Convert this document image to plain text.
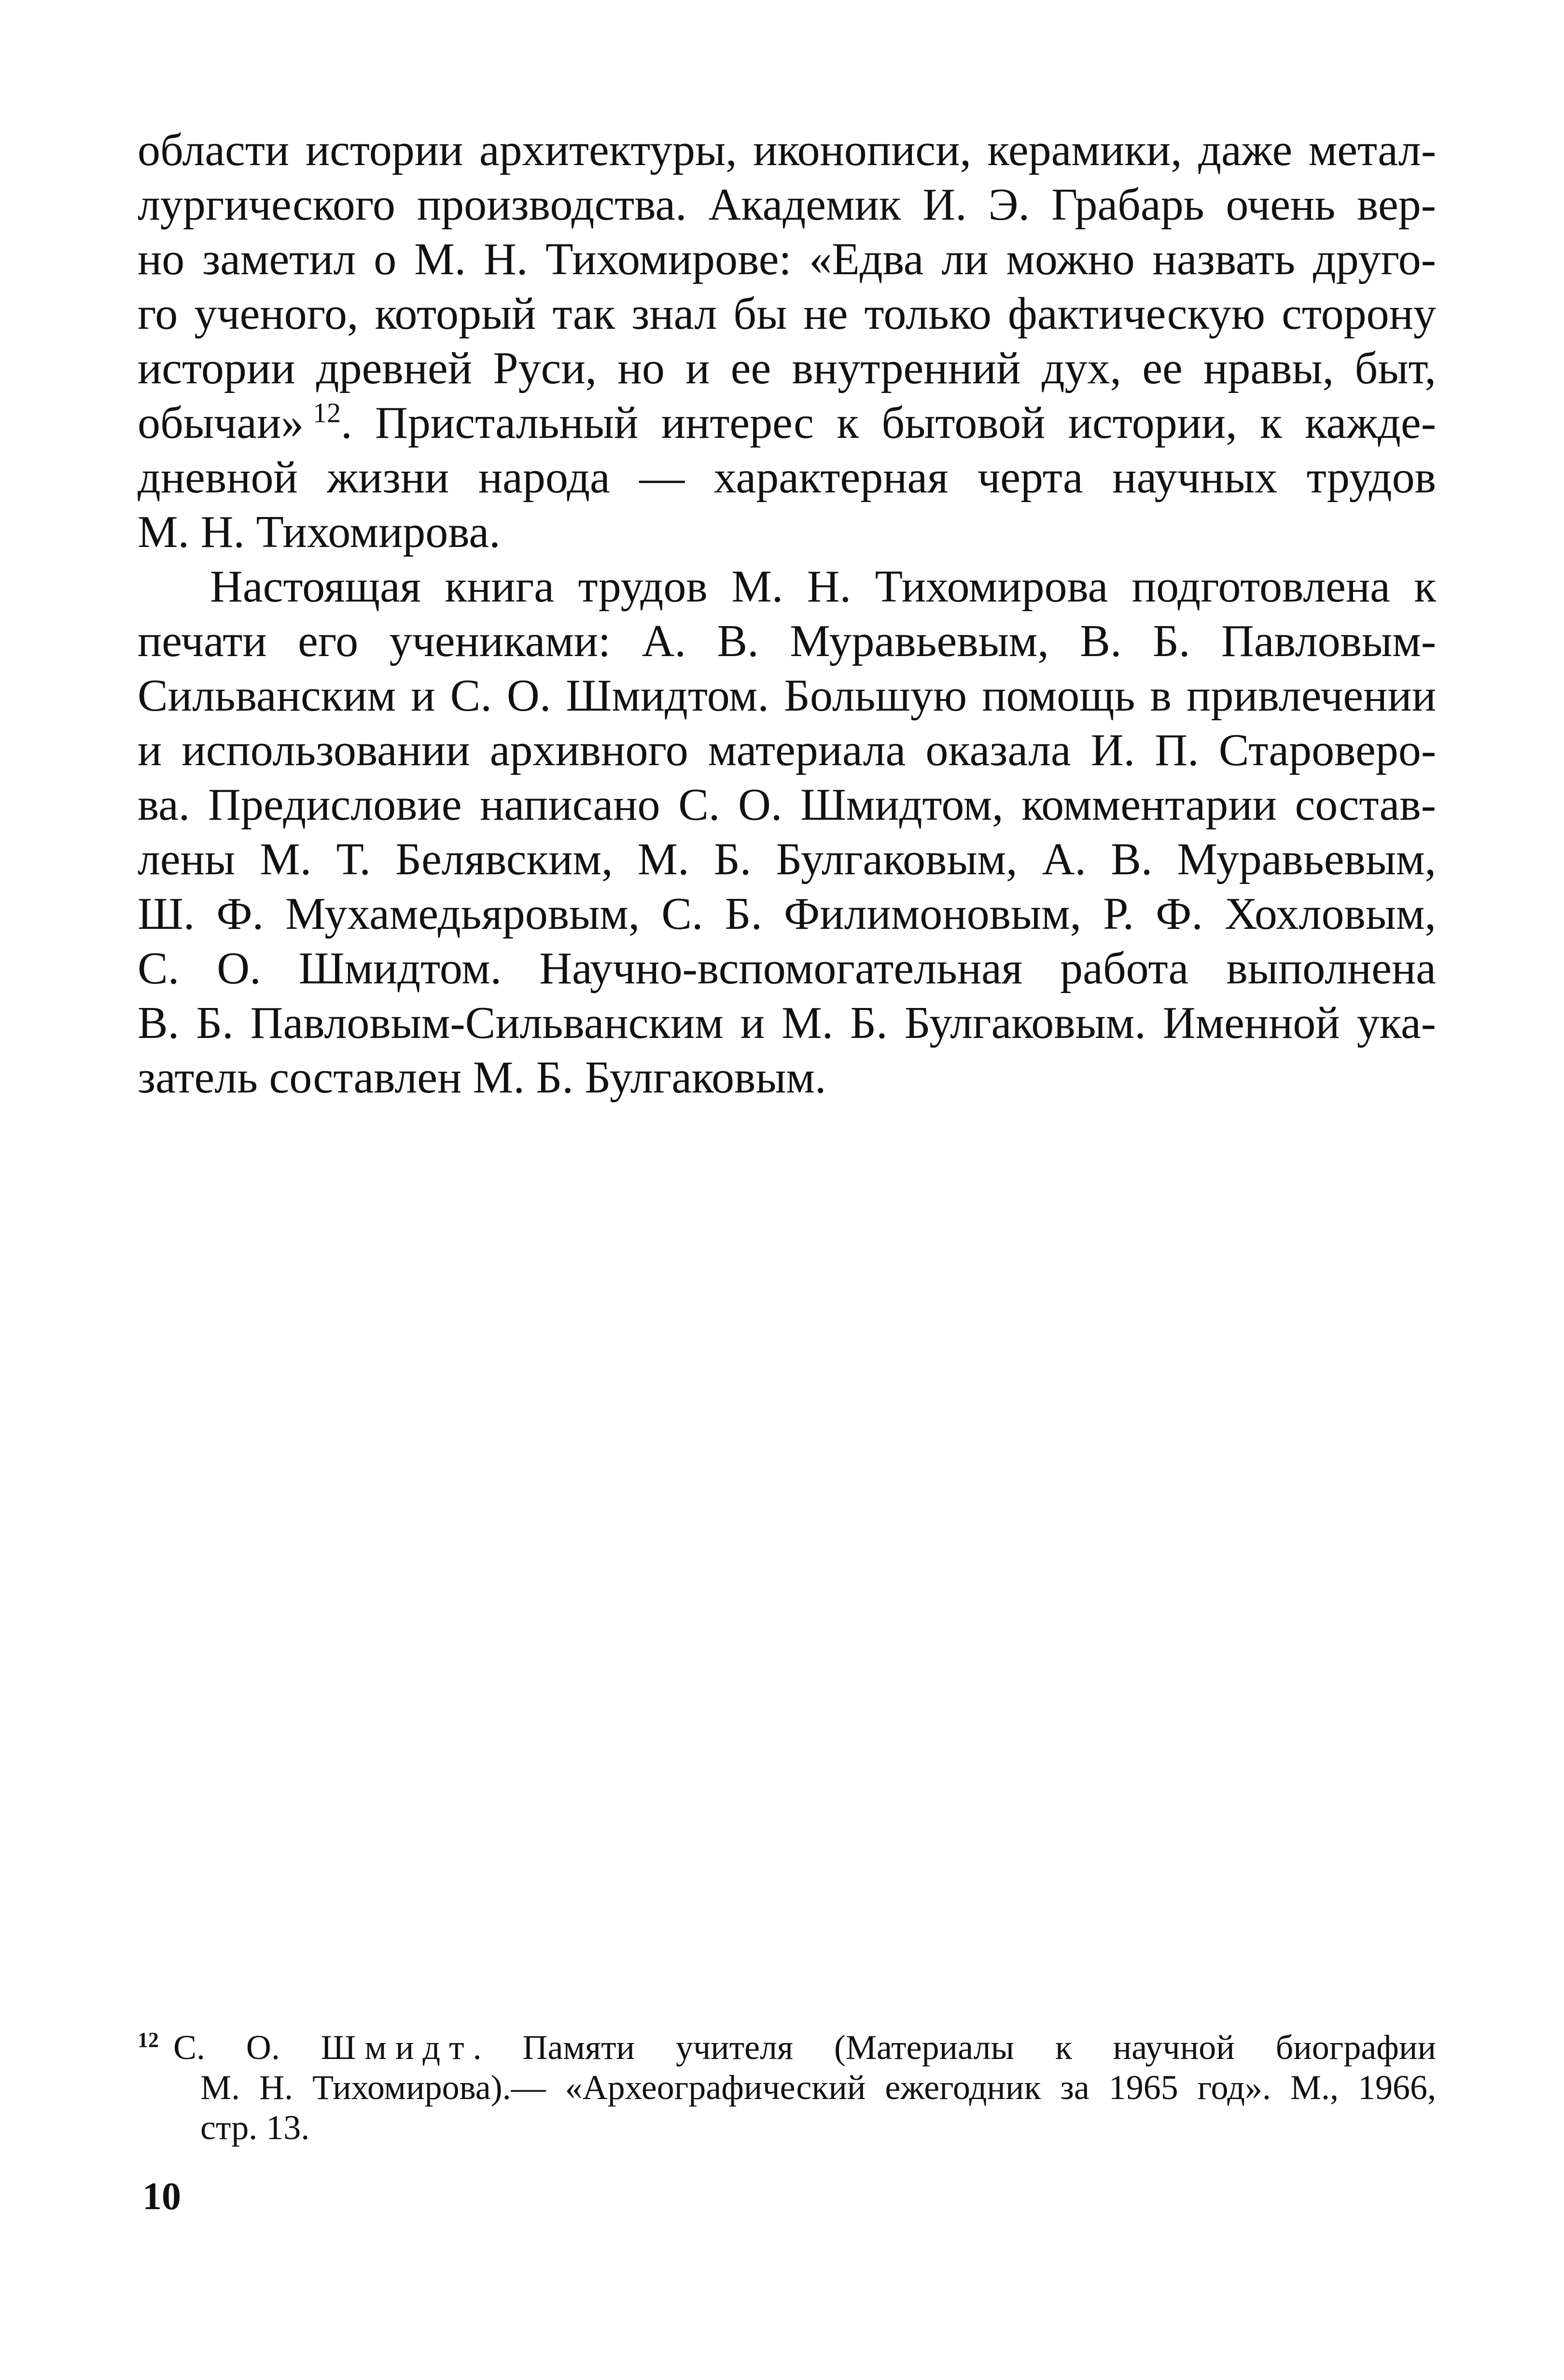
области истории архитектуры, иконописи, керамики, даже метал-
лургического производства. Академик И. Э. Грабарь очень вер-
но заметил о М. Н. Тихомирове: «Едва ли можно назвать друго-
го ученого, который так знал бы не только фактическую сторону
истории древней Руси, но и ее внутренний дух, ее нравы, быт,
обычаи»  $^{12}$. Пристальный интерес к бытовой истории, к кажде-
дневной жизни народа — характерная черта научных трудов
М. Н. Тихомирова.
Настоящая книга трудов М. Н. Тихомирова подготовлена к
печати его учениками: А. В. Муравьевым, В. Б. Павловым-
Сильванским и С. О. Шмидтом. Большую помощь в привлечении
и использовании архивного материала оказала И. П. Староверо-
ва. Предисловие написано С. О. Шмидтом, комментарии состав-
лены М. Т. Белявским, М. Б. Булгаковым, А. В. Муравьевым,
Ш. Ф. Мухамедьяровым, С. Б. Филимоновым, Р. Ф. Хохловым,
С. О. Шмидтом. Научно-вспомогательная работа выполнена
В. Б. Павловым-Сильванским и М. Б. Булгаковым. Именной ука-
затель составлен М. Б. Булгаковым.
$^{12}$ С. О. Шмидт. Памяти учителя (Материалы к научной биографии
М. Н. Тихомирова).— «Археографический ежегодник за 1965 год». М., 1966,
стр. 13.
10
